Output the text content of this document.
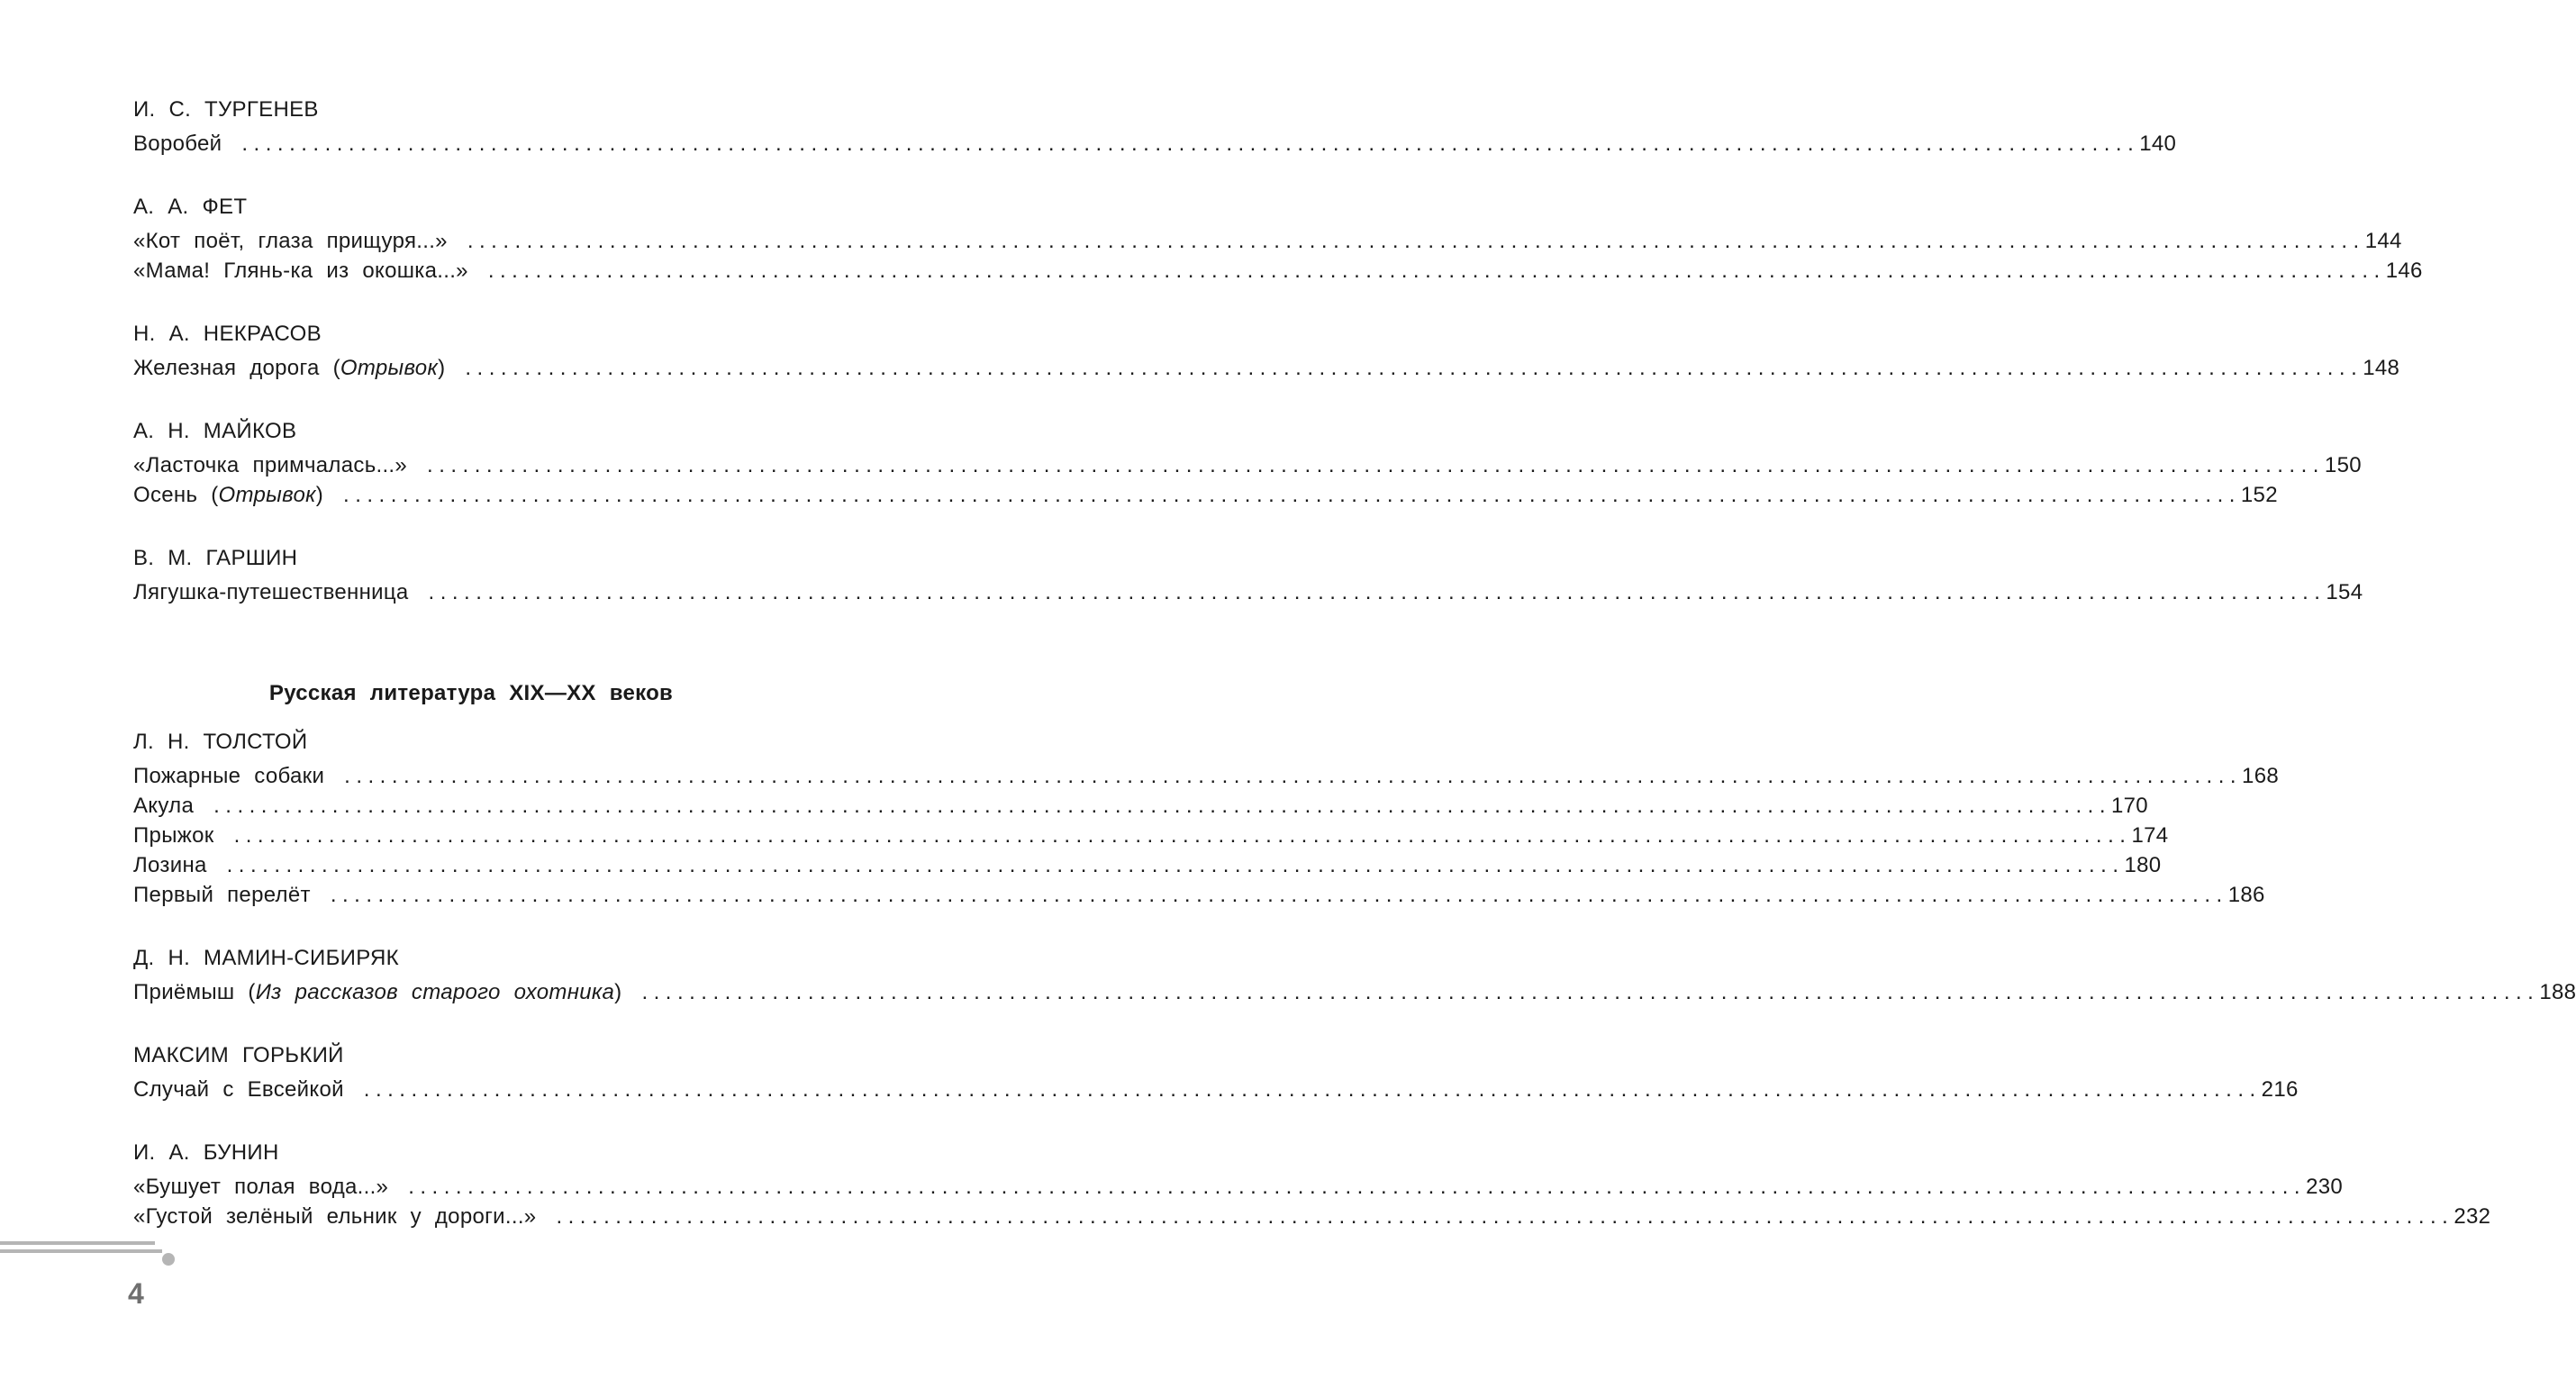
И. С. ТУРГЕНЕВ
Воробей ................................................................................................................................................................ 140
А. А. ФЕТ
«Кот поёт, глаза прищуря...» ................................................................................................................................................................ 144
«Мама! Глянь-ка из окошка...» ................................................................................................................................................................ 146
Н. А. НЕКРАСОВ
Железная дорога (Отрывок) ................................................................................................................................................................ 148
А. Н. МАЙКОВ
«Ласточка примчалась...» ................................................................................................................................................................ 150
Осень (Отрывок) ................................................................................................................................................................ 152
В. М. ГАРШИН
Лягушка-путешественница ................................................................................................................................................................ 154
Русская литература XIX—XX веков
Л. Н. ТОЛСТОЙ
Пожарные собаки ................................................................................................................................................................ 168
Акула ................................................................................................................................................................ 170
Прыжок ................................................................................................................................................................ 174
Лозина ................................................................................................................................................................ 180
Первый перелёт ................................................................................................................................................................ 186
Д. Н. МАМИН-СИБИРЯК
Приёмыш (Из рассказов старого охотника) ................................................................................................................................................................ 188
МАКСИМ ГОРЬКИЙ
Случай с Евсейкой ................................................................................................................................................................ 216
И. А. БУНИН
«Бушует полая вода...» ................................................................................................................................................................ 230
«Густой зелёный ельник у дороги...» ................................................................................................................................................................ 232
4
